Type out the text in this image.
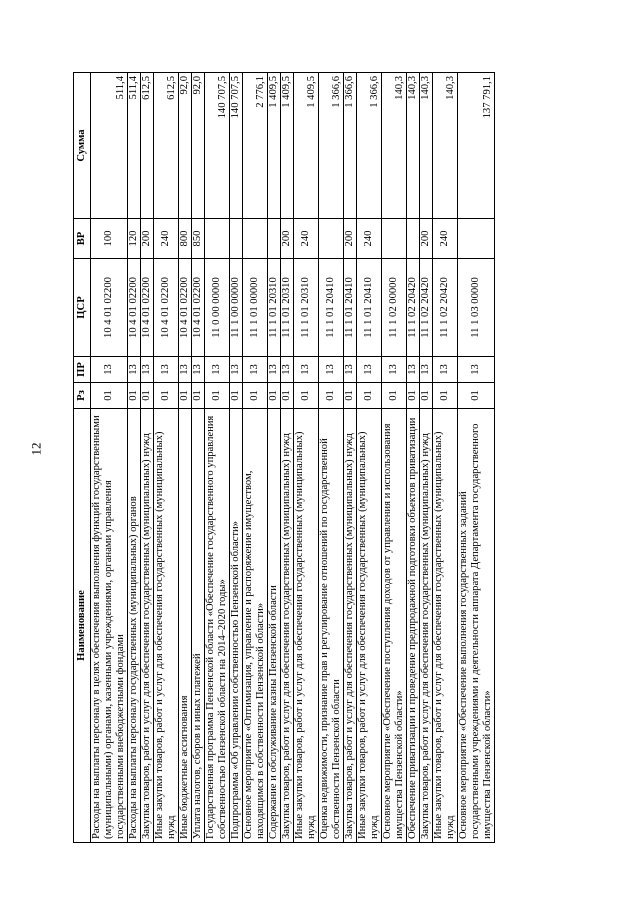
12
Наименование	Рз	ПР	ЦСР	ВР	Сумма
Расходы на выплаты персоналу в целях обеспечения выполнения функций государственными (муниципальными) органами, казенными учреждениями, органами управления государственными внебюджетными фондами	01	13	10 4 01 02200	100	511,4
Расходы на выплаты персоналу государственных (муниципальных) органов	01	13	10 4 01 02200	120	511,4
Закупка товаров, работ и услуг для обеспечения государственных (муниципальных) нужд	01	13	10 4 01 02200	200	612,5
Иные закупки товаров, работ и услуг для обеспечения государственных (муниципальных) нужд	01	13	10 4 01 02200	240	612,5
Иные бюджетные ассигнования	01	13	10 4 01 02200	800	92,0
Уплата налогов, сборов и иных платежей	01	13	10 4 01 02200	850	92,0
Государственная программа Пензенской области «Обеспечение государственного управления собственностью Пензенской области на 2014–2020 годы»	01	13	11 0 00 00000		140 707,5
Подпрограмма «Об управлении собственностью Пензенской области»	01	13	11 1 00 00000		140 707,5
Основное мероприятие «Оптимизация, управление и распоряжение имуществом, находящимся в собственности Пензенской области»	01	13	11 1 01 00000		2 776,1
Содержание и обслуживание казны Пензенской области	01	13	11 1 01 20310		1 409,5
Закупка товаров, работ и услуг для обеспечения государственных (муниципальных) нужд	01	13	11 1 01 20310	200	1 409,5
Иные закупки товаров, работ и услуг для обеспечения государственных (муниципальных) нужд	01	13	11 1 01 20310	240	1 409,5
Оценка недвижимости, признание прав и регулирование отношений по государственной собственности Пензенской области	01	13	11 1 01 20410		1 366,6
Закупка товаров, работ и услуг для обеспечения государственных (муниципальных) нужд	01	13	11 1 01 20410	200	1 366,6
Иные закупки товаров, работ и услуг для обеспечения государственных (муниципальных) нужд	01	13	11 1 01 20410	240	1 366,6
Основное мероприятие «Обеспечение поступления доходов от управления и использования имущества Пензенской области»	01	13	11 1 02 00000		140,3
Обеспечение приватизации и проведение предпродажной подготовки объектов приватизации	01	13	11 1 02 20420		140,3
Закупка товаров, работ и услуг для обеспечения государственных (муниципальных) нужд	01	13	11 1 02 20420	200	140,3
Иные закупки товаров, работ и услуг для обеспечения государственных (муниципальных) нужд	01	13	11 1 02 20420	240	140,3
Основное мероприятие «Обеспечение выполнения государственных заданий государственными учреждениями и деятельности аппарата Департамента государственного имущества Пензенской области»	01	13	11 1 03 00000		137 791,1
